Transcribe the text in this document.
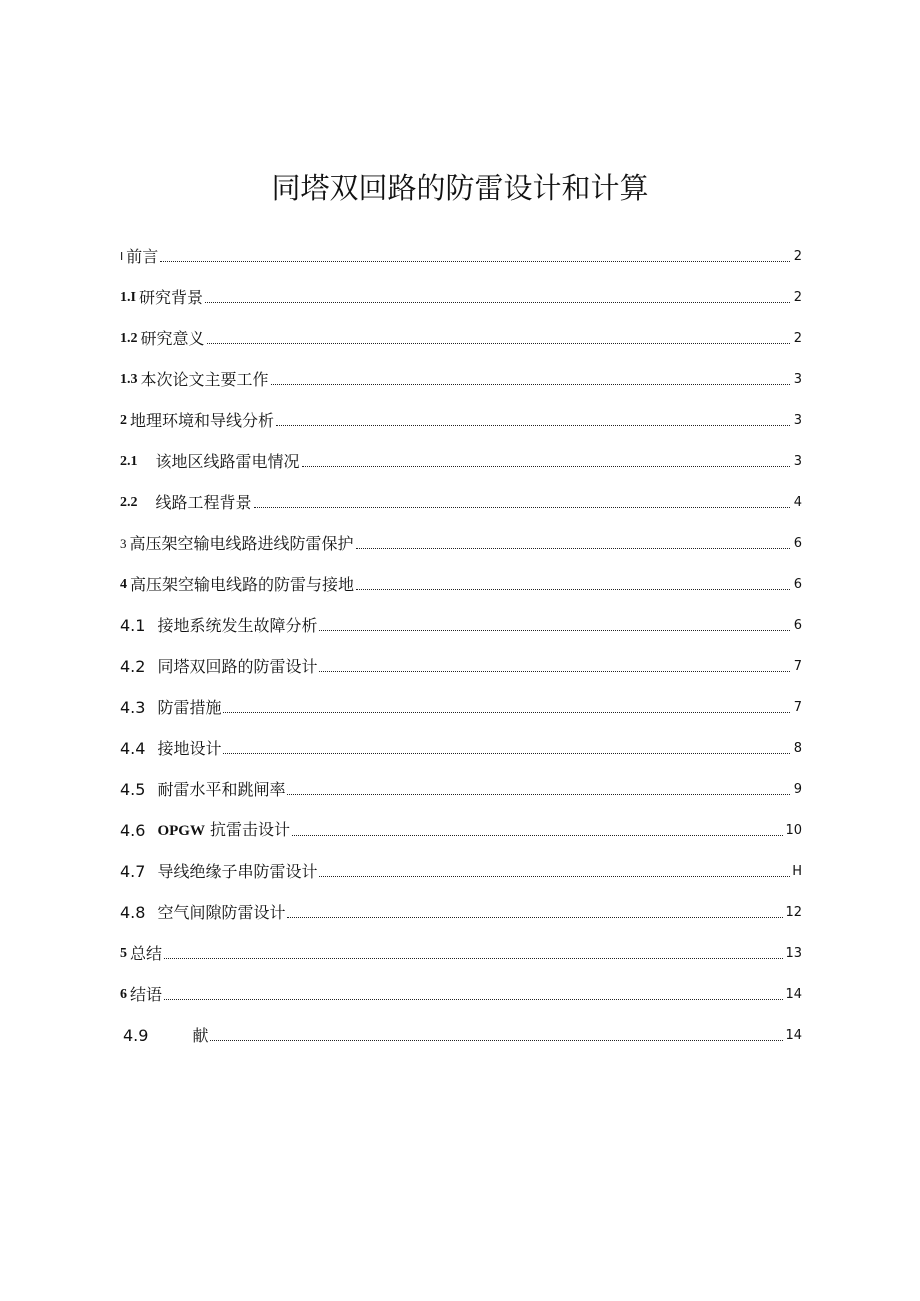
同塔双回路的防雷设计和计算
I 前言	2
1.I 研究背景	2
1.2 研究意义	2
1.3 本次论文主要工作	3
2 地理环境和导线分析	3
2.1 该地区线路雷电情况	3
2.2 线路工程背景	4
3 高压架空输电线路进线防雷保护	6
4 高压架空输电线路的防雷与接地	6
4.1 接地系统发生故障分析	6
4.2 同塔双回路的防雷设计	7
4.3 防雷措施	7
4.4 接地设计	8
4.5 耐雷水平和跳闸率	9
4.6 OPGW 抗雷击设计	10
4.7 导线绝缘子串防雷设计	H
4.8 空气间隙防雷设计	12
5 总结	13
6 结语	14
4.9	献	14
